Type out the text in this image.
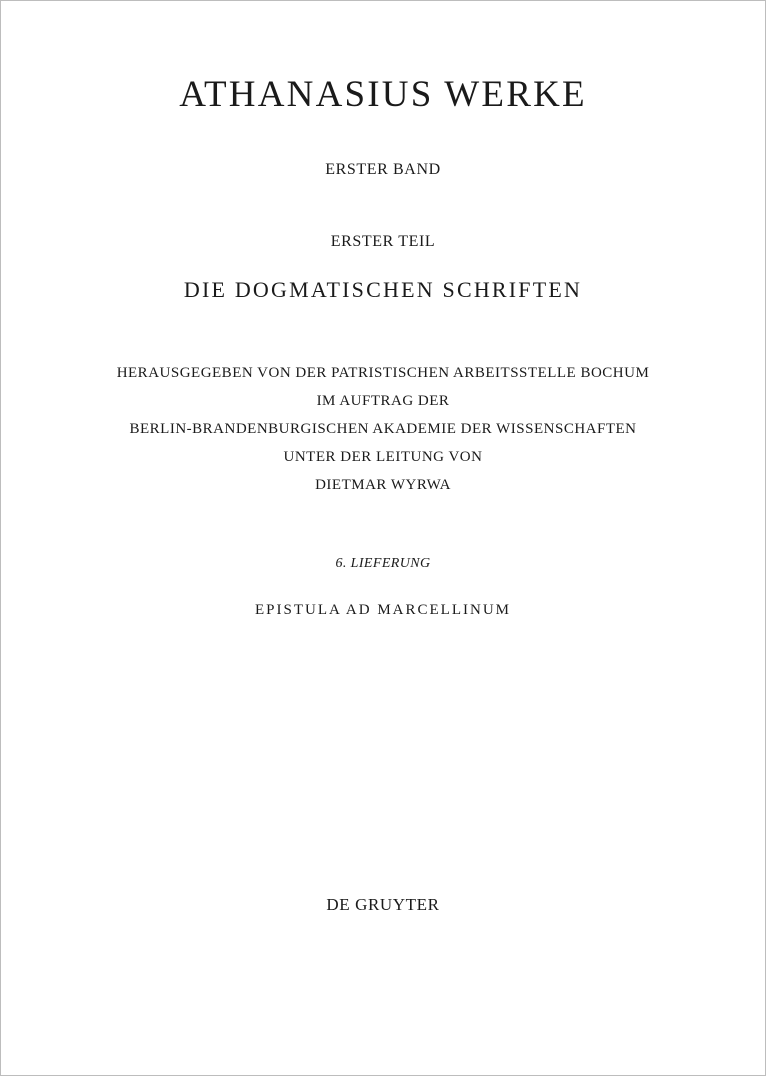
ATHANASIUS WERKE
ERSTER BAND
ERSTER TEIL
DIE DOGMATISCHEN SCHRIFTEN
HERAUSGEGEBEN VON DER PATRISTISCHEN ARBEITSSTELLE BOCHUM
IM AUFTRAG DER
BERLIN-BRANDENBURGISCHEN AKADEMIE DER WISSENSCHAFTEN
UNTER DER LEITUNG VON
DIETMAR WYRWA
6. LIEFERUNG
EPISTULA AD MARCELLINUM
DE GRUYTER
